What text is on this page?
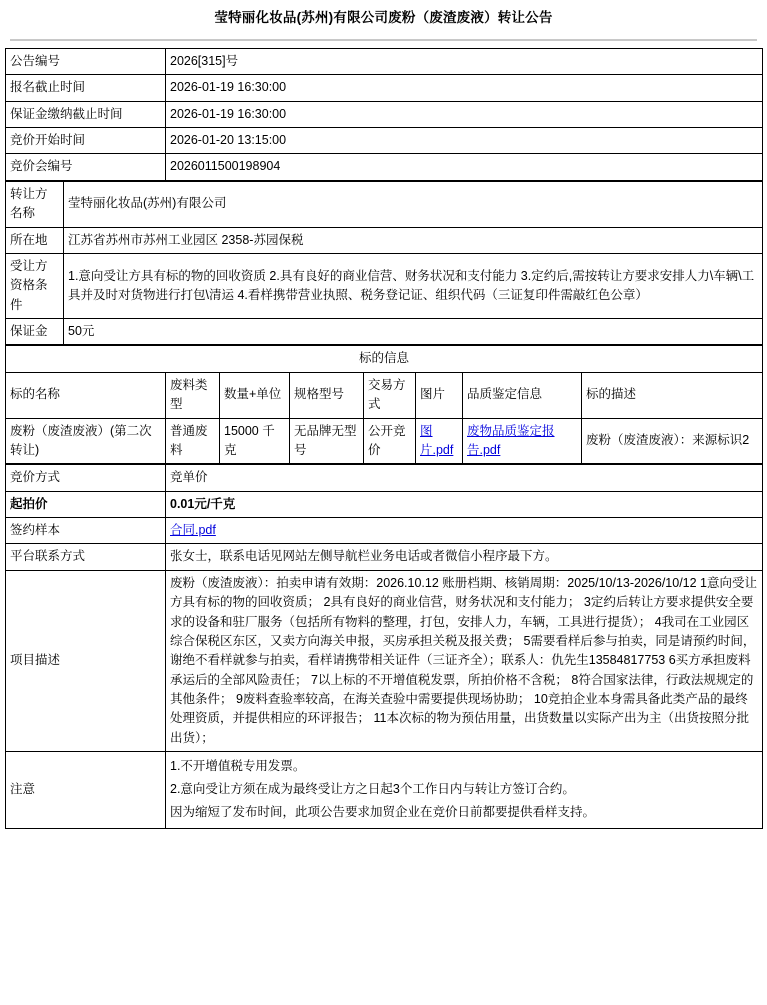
莹特丽化妆品(苏州)有限公司废粉（废渣废液）转让公告
公告编号	2026[315]号
报名截止时间	2026-01-19 16:30:00
保证金缴纳截止时间	2026-01-19 16:30:00
竞价开始时间	2026-01-20 13:15:00
竞价会编号	2026011500198904
转让方名称	莹特丽化妆品(苏州)有限公司
所在地	江苏省苏州市苏州工业园区 2358-苏园保税
受让方资格条件	1.意向受让方具有标的物的回收资质 2.具有良好的商业信营、财务状况和支付能力 3.定约后,需按转让方要求安排人力\车辆\工具并及时对货物进行打包\清运 4.看样携带营业执照、税务登记证、组织代码（三证复印件需敲红色公章）
保证金	50元
标的信息							
标的名称	废料类型	数量+单位	规格型号	交易方式	图片	品质鉴定信息	标的描述
废粉（废渣废液）(第二次转让)	普通废料	15000 千克	无品牌无型号	公开竞价	图片.pdf	废物品质鉴定报告.pdf	废粉（废渣废液）：来源标识2
竞价方式	竞单价
起拍价	0.01元/千克
签约样本	合同.pdf
平台联系方式	张女士，联系电话见网站左侧导航栏业务电话或者微信小程序最下方。
项目描述	废粉（废渣废液）：拍卖申请有效期：2026.10.12 账册档期、核销周期：2025/10/13-2026/10/12 1意向受让方具有标的物的回收资质； 2具有良好的商业信营，财务状况和支付能力； 3定约后转让方要求提供安全要求的设备和驻厂服务（包括所有物料的整理，打包，安排人力，车辆，工具进行提货）； 4我司在工业园区综合保税区东区，又卖方向海关申报，买房承担关税及报关费； 5需要看样后参与拍卖，同是请预约时间，谢绝不看样就参与拍卖，看样请携带相关证件（三证齐全）；联系人：仇先生13584817753 6买方承担废料承运后的全部风险责任； 7以上标的不开增值税发票，所拍价格不含税； 8符合国家法律，行政法规规定的其他条件； 9废料查验率较高，在海关查验中需要提供现场协助； 10竞拍企业本身需具备此类产品的最终处理资质，并提供相应的环评报告； 11本次标的物为预估用量，出货数量以实际产出为主（出货按照分批出货）；
注意	1.不开增值税专用发票。
2.意向受让方须在成为最终受让方之日起3个工作日内与转让方签订合约。
因为缩短了发布时间，此项公告要求加贸企业在竞价日前都要提供看样支持。
